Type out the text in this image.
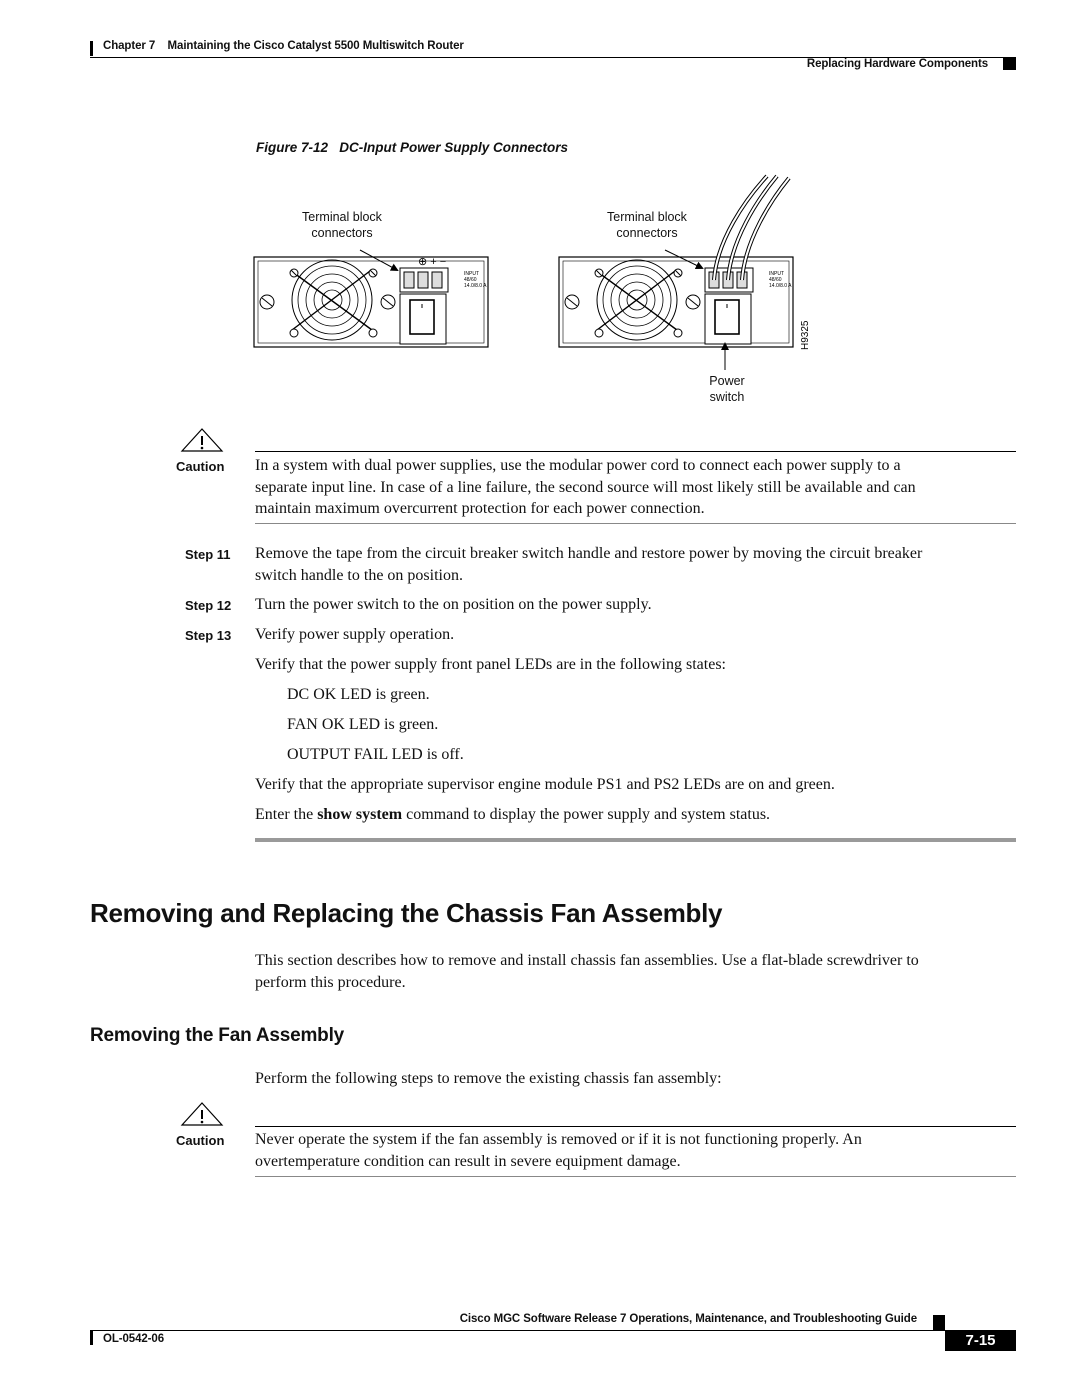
Chapter 7 Maintaining the Cisco Catalyst 5500 Multiswitch Router
Replacing Hardware Components
Figure 7-12 DC-Input Power Supply Connectors
Terminal block
connectors
Terminal block
connectors
Power
switch
⊕ + −
INPUT
48/60
14.0/8.0 A
INPUT
48/60
14.0/8.0 A
H9325
Caution In a system with dual power supplies, use the modular power cord to connect each power supply to a
separate input line. In case of a line failure, the second source will most likely still be available and can
maintain maximum overcurrent protection for each power connection.
Step 11 Remove the tape from the circuit breaker switch handle and restore power by moving the circuit breaker
switch handle to the on position.
Step 12 Turn the power switch to the on position on the power supply.
Step 13 Verify power supply operation.
Verify that the power supply front panel LEDs are in the following states:
DC OK LED is green.
FAN OK LED is green.
OUTPUT FAIL LED is off.
Verify that the appropriate supervisor engine module PS1 and PS2 LEDs are on and green.
Enter the show system command to display the power supply and system status.
Removing and Replacing the Chassis Fan Assembly
This section describes how to remove and install chassis fan assemblies. Use a flat-blade screwdriver to
perform this procedure.
Removing the Fan Assembly
Perform the following steps to remove the existing chassis fan assembly:
Caution Never operate the system if the fan assembly is removed or if it is not functioning properly. An
overtemperature condition can result in severe equipment damage.
Cisco MGC Software Release 7 Operations, Maintenance, and Troubleshooting Guide
OL-0542-06	7-15
